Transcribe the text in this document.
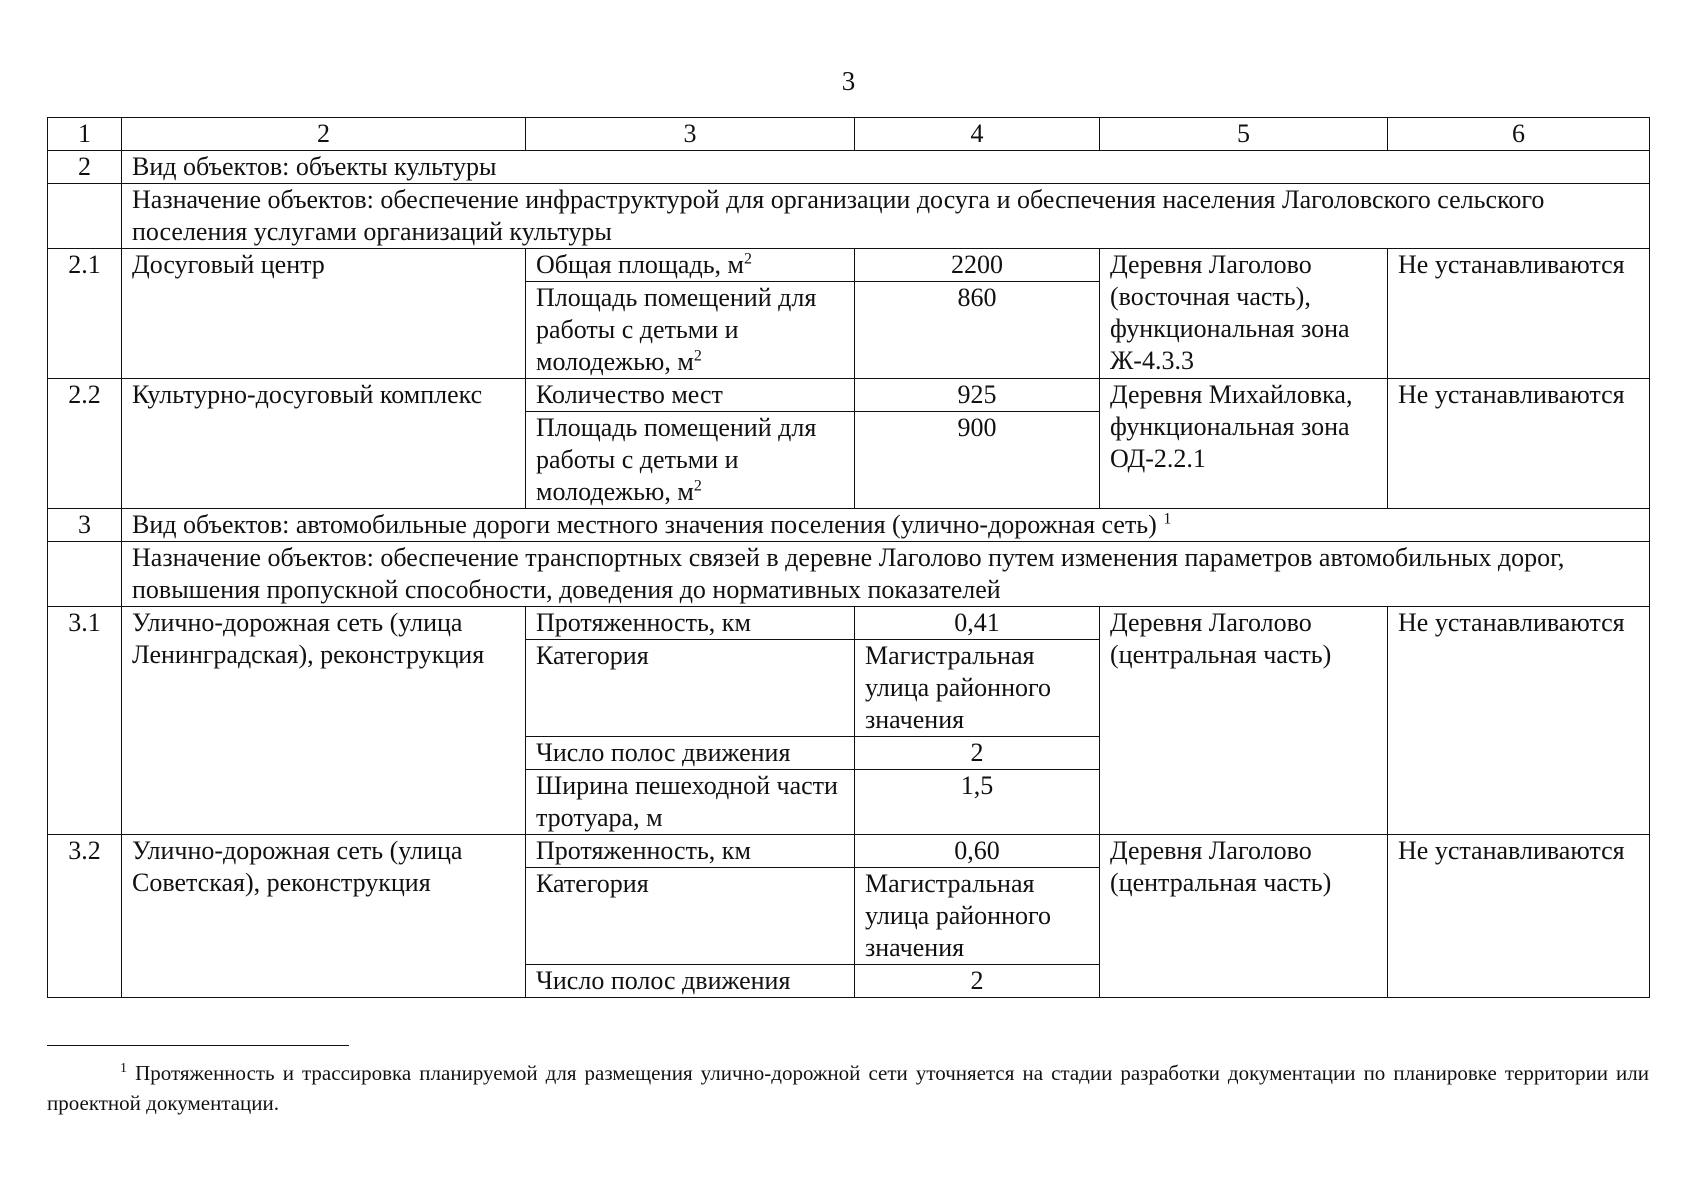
3
1	2	3	4	5	6
2	Вид объектов: объекты культуры				
	Назначение объектов: обеспечение инфраструктурой для организации досуга и обеспечения населения Лаголовского сельского поселения услугами организаций культуры				
2.1	Досуговый центр	Общая площадь, $м^2$	2200	Деревня Лаголово (восточная часть), функциональная зона Ж-4.3.3	Не устанавливаются
		Площадь помещений для работы с детьми и молодежью, $м^2$	860		
2.2	Культурно-досуговый комплекс	Количество мест	925	Деревня Михайловка, функциональная зона ОД-2.2.1	Не устанавливаются
		Площадь помещений для работы с детьми и молодежью, $м^2$	900		
3	Вид объектов: автомобильные дороги местного значения поселения (улично-дорожная сеть) $^1$
	Назначение объектов: обеспечение транспортных связей в деревне Лаголово путем изменения параметров автомобильных дорог, повышения пропускной способности, доведения до нормативных показателей				
3.1	Улично-дорожная сеть (улица Ленинградская), реконструкция	Протяженность, км	0,41	Деревня Лаголово (центральная часть)	Не устанавливаются
		Категория	Магистральная улица районного значения		
		Число полос движения	2		
		Ширина пешеходной части тротуара, м	1,5		
3.2	Улично-дорожная сеть (улица Советская), реконструкция	Протяженность, км	0,60	Деревня Лаголово (центральная часть)	Не устанавливаются
		Категория	Магистральная улица районного значения		
		Число полос движения	2		
$^1$ Протяженность и трассировка планируемой для размещения улично-дорожной сети уточняется на стадии разработки документации по планировке территории или проектной документации.
